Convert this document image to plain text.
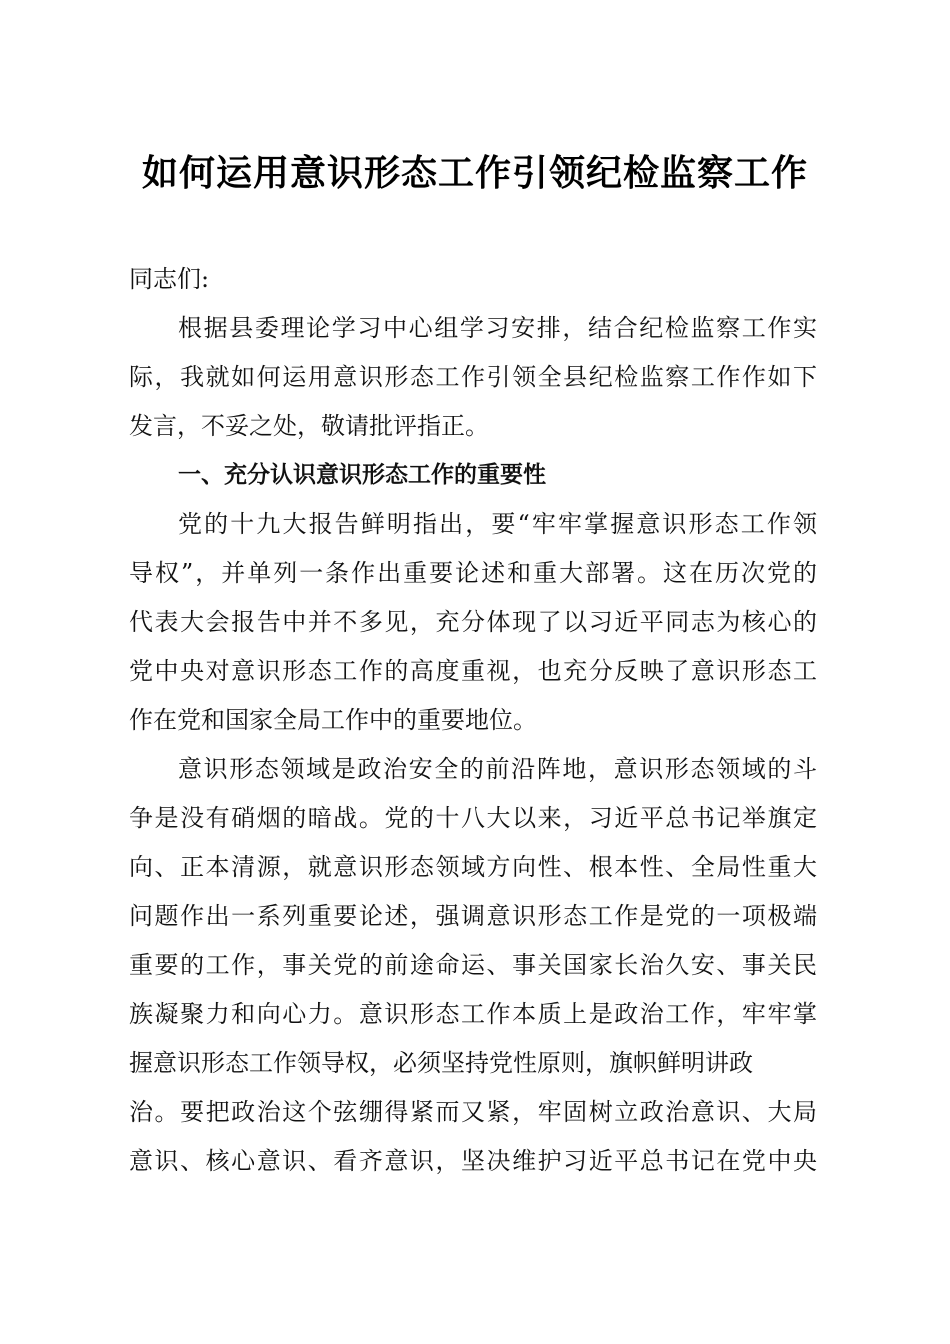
如何运用意识形态工作引领纪检监察工作
同志们:
根据县委理论学习中心组学习安排，结合纪检监察工作实
际，我就如何运用意识形态工作引领全县纪检监察工作作如下
发言，不妥之处，敬请批评指正。
一、充分认识意识形态工作的重要性
党的十九大报告鲜明指出，要“牢牢掌握意识形态工作领
导权”，并单列一条作出重要论述和重大部署。这在历次党的
代表大会报告中并不多见，充分体现了以习近平同志为核心的
党中央对意识形态工作的高度重视，也充分反映了意识形态工
作在党和国家全局工作中的重要地位。
意识形态领域是政治安全的前沿阵地，意识形态领域的斗
争是没有硝烟的暗战。党的十八大以来，习近平总书记举旗定
向、正本清源，就意识形态领域方向性、根本性、全局性重大
问题作出一系列重要论述，强调意识形态工作是党的一项极端
重要的工作，事关党的前途命运、事关国家长治久安、事关民
族凝聚力和向心力。意识形态工作本质上是政治工作，牢牢掌
握意识形态工作领导权，必须坚持党性原则，旗帜鲜明讲政
治。要把政治这个弦绷得紧而又紧，牢固树立政治意识、大局
意识、核心意识、看齐意识，坚决维护习近平总书记在党中央
